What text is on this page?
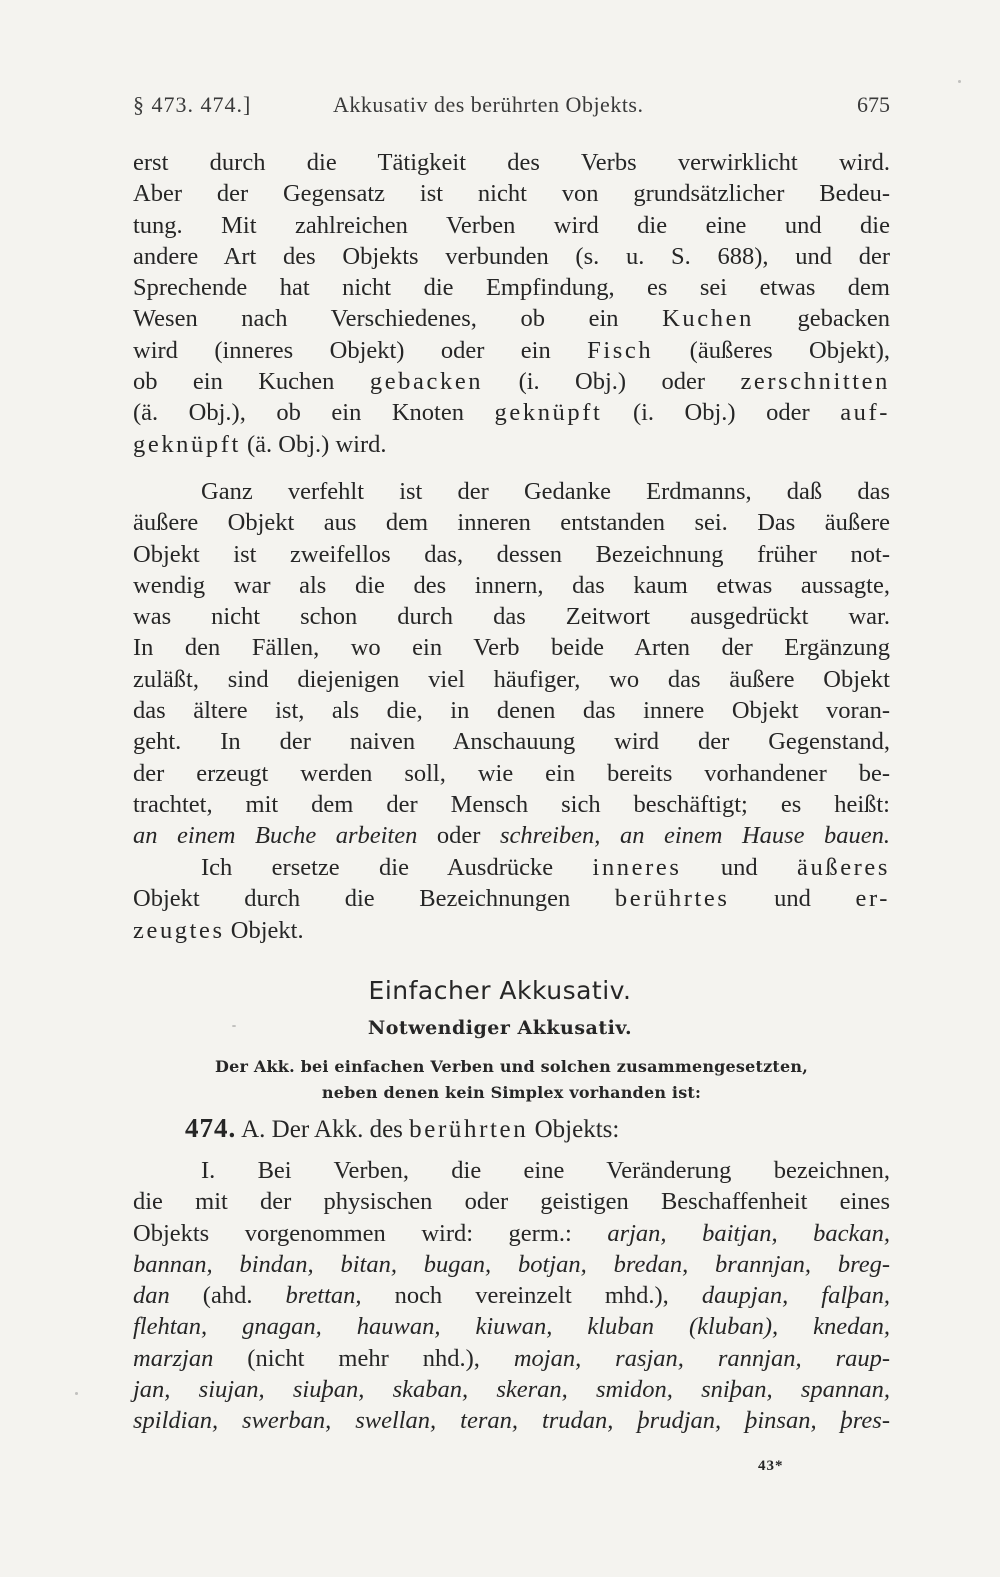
§ 473. 474.]	Akkusativ des berührten Objekts.	675
erst durch die Tätigkeit des Verbs verwirklicht wird.
Aber der Gegensatz ist nicht von grundsätzlicher Bedeu-
tung. Mit zahlreichen Verben wird die eine und die
andere Art des Objekts verbunden (s. u. S. 688), und der
Sprechende hat nicht die Empfindung, es sei etwas dem
Wesen nach Verschiedenes, ob ein Kuchen gebacken
wird (inneres Objekt) oder ein Fisch (äußeres Objekt),
ob ein Kuchen gebacken (i. Obj.) oder zerschnitten
(ä. Obj.), ob ein Knoten geknüpft (i. Obj.) oder auf-
geknüpft (ä. Obj.) wird.
Ganz verfehlt ist der Gedanke Erdmanns, daß das
äußere Objekt aus dem inneren entstanden sei. Das äußere
Objekt ist zweifellos das, dessen Bezeichnung früher not-
wendig war als die des innern, das kaum etwas aussagte,
was nicht schon durch das Zeitwort ausgedrückt war.
In den Fällen, wo ein Verb beide Arten der Ergänzung
zuläßt, sind diejenigen viel häufiger, wo das äußere Objekt
das ältere ist, als die, in denen das innere Objekt voran-
geht. In der naiven Anschauung wird der Gegenstand,
der erzeugt werden soll, wie ein bereits vorhandener be-
trachtet, mit dem der Mensch sich beschäftigt; es heißt:
an einem Buche arbeiten oder schreiben, an einem Hause bauen.
Ich ersetze die Ausdrücke inneres und äußeres
Objekt durch die Bezeichnungen berührtes und er-
zeugtes Objekt.
Einfacher Akkusativ.
Notwendiger Akkusativ.
Der Akk. bei einfachen Verben und solchen zusammengesetzten,
neben denen kein Simplex vorhanden ist:
474. A. Der Akk. des berührten Objekts:
I. Bei Verben, die eine Veränderung bezeichnen,
die mit der physischen oder geistigen Beschaffenheit eines
Objekts vorgenommen wird: germ.: arjan, baitjan, backan,
bannan, bindan, bitan, bugan, botjan, bredan, brannjan, breg-
dan (ahd. brettan, noch vereinzelt mhd.), daupjan, falþan,
flehtan, gnagan, hauwan, kiuwan, kluban (kluban), knedan,
marzjan (nicht mehr nhd.), mojan, rasjan, rannjan, raup-
jan, siujan, siuþan, skaban, skeran, smidon, sniþan, spannan,
spildian, swerban, swellan, teran, trudan, þrudjan, þinsan, þres-
43*
